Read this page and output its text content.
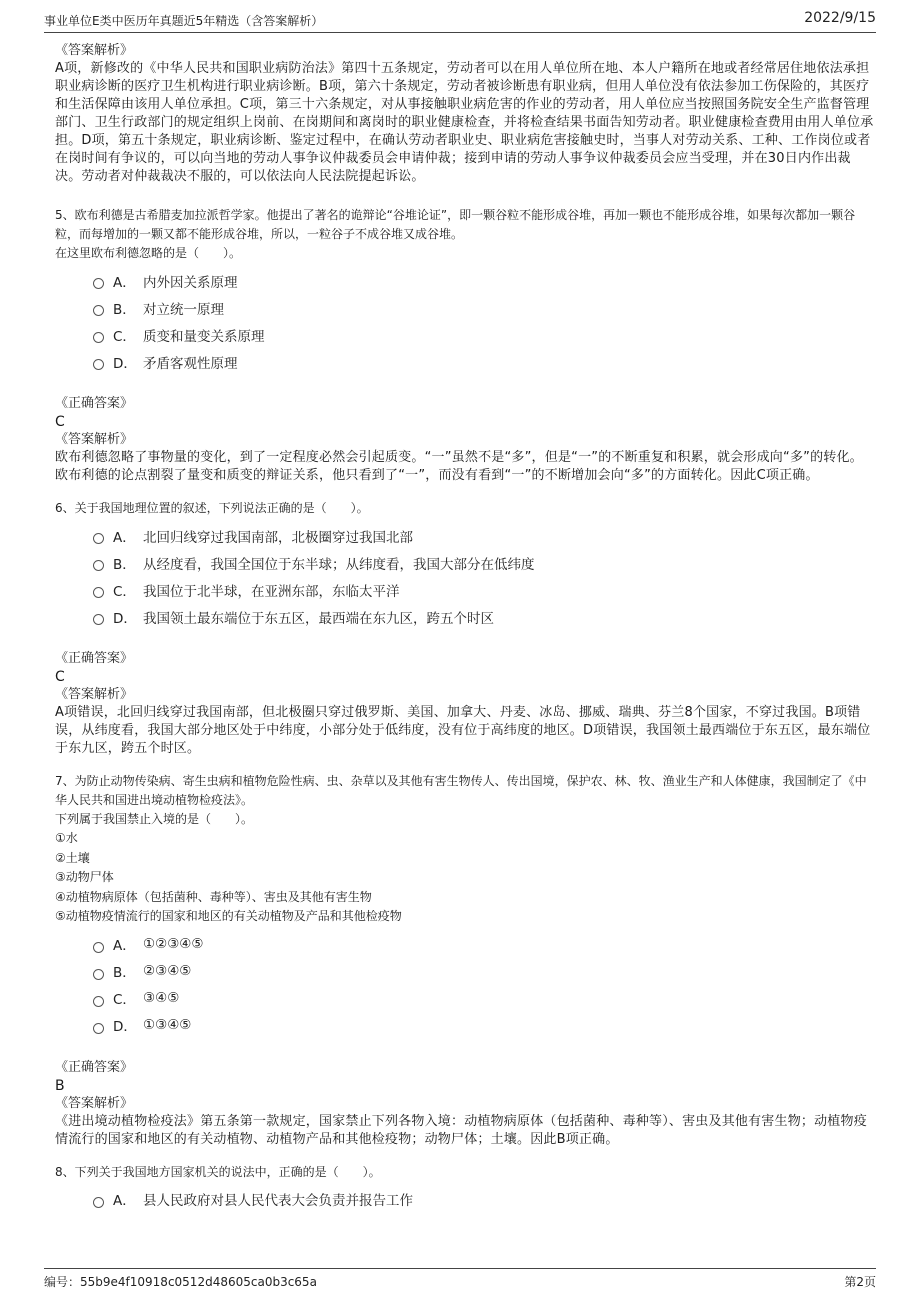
事业单位E类中医历年真题近5年精选（含答案解析）	2022/9/15
《答案解析》
A项，新修改的《中华人民共和国职业病防治法》第四十五条规定，劳动者可以在用人单位所在地、本人户籍所在地或者经常居住地依法承担职业病诊断的医疗卫生机构进行职业病诊断。B项，第六十条规定，劳动者被诊断患有职业病，但用人单位没有依法参加工伤保险的，其医疗和生活保障由该用人单位承担。C项，第三十六条规定，对从事接触职业病危害的作业的劳动者，用人单位应当按照国务院安全生产监督管理部门、卫生行政部门的规定组织上岗前、在岗期间和离岗时的职业健康检查，并将检查结果书面告知劳动者。职业健康检查费用由用人单位承担。D项，第五十条规定，职业病诊断、鉴定过程中，在确认劳动者职业史、职业病危害接触史时，当事人对劳动关系、工种、工作岗位或者在岗时间有争议的，可以向当地的劳动人事争议仲裁委员会申请仲裁；接到申请的劳动人事争议仲裁委员会应当受理，并在30日内作出裁决。劳动者对仲裁裁决不服的，可以依法向人民法院提起诉讼。
5、欧布利德是古希腊麦加拉派哲学家。他提出了著名的诡辩论“谷堆论证”，即一颗谷粒不能形成谷堆，再加一颗也不能形成谷堆，如果每次都加一颗谷粒，而每增加的一颗又都不能形成谷堆，所以，一粒谷子不成谷堆又成谷堆。
在这里欧布利德忽略的是（　　）。
A． 内外因关系原理
B． 对立统一原理
C． 质变和量变关系原理
D． 矛盾客观性原理
《正确答案》
C
《答案解析》
欧布利德忽略了事物量的变化，到了一定程度必然会引起质变。“一”虽然不是“多”，但是“一”的不断重复和积累，就会形成向“多”的转化。欧布利德的论点割裂了量变和质变的辩证关系，他只看到了“一”，而没有看到“一”的不断增加会向“多”的方面转化。因此C项正确。
6、关于我国地理位置的叙述，下列说法正确的是（　　）。
A． 北回归线穿过我国南部，北极圈穿过我国北部
B． 从经度看，我国全国位于东半球；从纬度看，我国大部分在低纬度
C． 我国位于北半球，在亚洲东部，东临太平洋
D． 我国领土最东端位于东五区，最西端在东九区，跨五个时区
《正确答案》
C
《答案解析》
A项错误，北回归线穿过我国南部，但北极圈只穿过俄罗斯、美国、加拿大、丹麦、冰岛、挪威、瑞典、芬兰8个国家，不穿过我国。B项错误，从纬度看，我国大部分地区处于中纬度，小部分处于低纬度，没有位于高纬度的地区。D项错误，我国领土最西端位于东五区，最东端位于东九区，跨五个时区。
7、为防止动物传染病、寄生虫病和植物危险性病、虫、杂草以及其他有害生物传人、传出国境，保护农、林、牧、渔业生产和人体健康，我国制定了《中华人民共和国进出境动植物检疫法》。
下列属于我国禁止入境的是（　　）。
①水
②土壤
③动物尸体
④动植物病原体（包括菌种、毒种等）、害虫及其他有害生物
⑤动植物疫情流行的国家和地区的有关动植物及产品和其他检疫物
A． ①②③④⑤
B． ②③④⑤
C． ③④⑤
D． ①③④⑤
《正确答案》
B
《答案解析》
《进出境动植物检疫法》第五条第一款规定，国家禁止下列各物入境：动植物病原体（包括菌种、毒种等）、害虫及其他有害生物；动植物疫情流行的国家和地区的有关动植物、动植物产品和其他检疫物；动物尸体；土壤。因此B项正确。
8、下列关于我国地方国家机关的说法中，正确的是（　　）。
A． 县人民政府对县人民代表大会负责并报告工作
编号：55b9e4f10918c0512d48605ca0b3c65a	第2页
